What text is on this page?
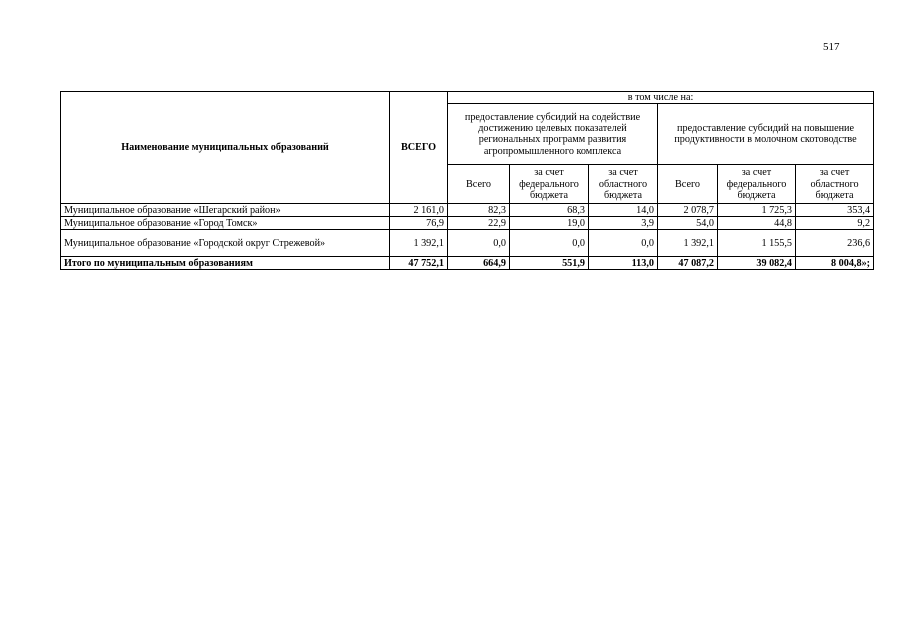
517
Наименование муниципальных образований	ВСЕГО	в том числе на:					
		предоставление субсидий на содействие достижению целевых показателей региональных программ развития агропромышленного комплекса			предоставление субсидий на повышение продуктивности в молочном скотоводстве		
		Всего	за счет федерального бюджета	за счет областного бюджета	Всего	за счет федерального бюджета	за счет областного бюджета
Муниципальное образование «Шегарский район»	2 161,0	82,3	68,3	14,0	2 078,7	1 725,3	353,4
Муниципальное образование «Город Томск»	76,9	22,9	19,0	3,9	54,0	44,8	9,2
Муниципальное образование «Городской округ Стрежевой»	1 392,1	0,0	0,0	0,0	1 392,1	1 155,5	236,6
Итого по муниципальным образованиям	47 752,1	664,9	551,9	113,0	47 087,2	39 082,4	8 004,8»;
